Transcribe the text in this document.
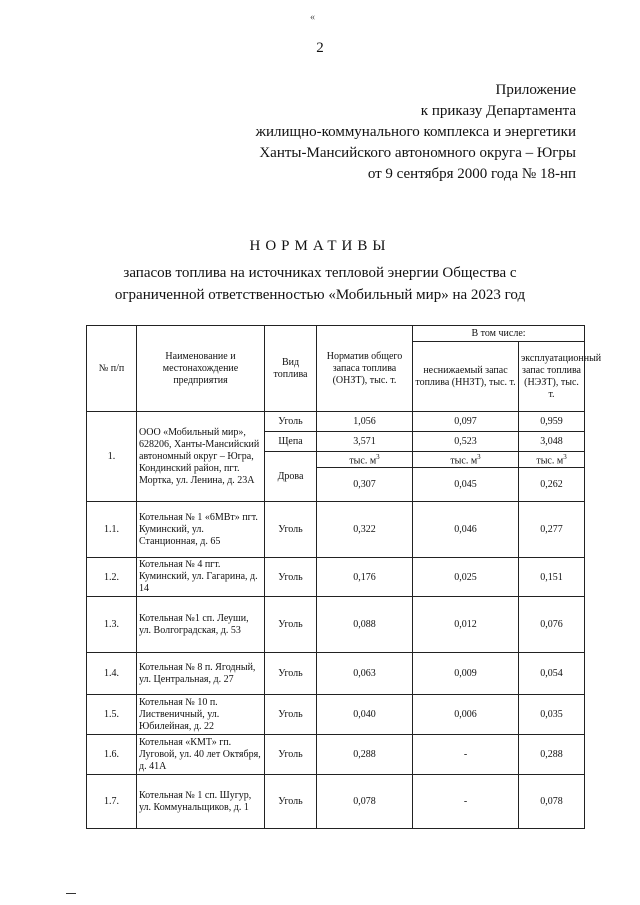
«
2
Приложение
к приказу Департамента
жилищно-коммунального комплекса и энергетики
Ханты-Мансийского автономного округа – Югры
от 9 сентября 2000 года № 18-нп
НОРМАТИВЫ
запасов топлива на источниках тепловой энергии Общества с
ограниченной ответственностью «Мобильный мир» на 2023 год
№ п/п	Наименование и местонахождение предприятия	Вид топлива	Норматив общего запаса топлива (ОНЗТ), тыс. т.	В том числе:	
				неснижаемый запас топлива (ННЗТ), тыс. т.	эксплуатационный запас топлива (НЭЗТ), тыс. т.
1.	ООО «Мобильный мир», 628206, Ханты-Мансийский автономный округ – Югра, Кондинский район, пгт. Мортка, ул. Ленина, д. 23А	Уголь	1,056	0,097	0,959
		Щепа	3,571	0,523	3,048
		Дрова	тыс. $м^3$	тыс. $м^3$	тыс. $м^3$
			0,307	0,045	0,262
1.1.	Котельная № 1 «6МВт» пгт. Куминский, ул. Станционная, д. 65	Уголь	0,322	0,046	0,277
1.2.	Котельная № 4 пгт. Куминский, ул. Гагарина, д. 14	Уголь	0,176	0,025	0,151
1.3.	Котельная №1 сп. Леуши, ул. Волгоградская, д. 53	Уголь	0,088	0,012	0,076
1.4.	Котельная № 8 п. Ягодный, ул. Центральная, д. 27	Уголь	0,063	0,009	0,054
1.5.	Котельная № 10 п. Лиственичный, ул. Юбилейная, д. 22	Уголь	0,040	0,006	0,035
1.6.	Котельная «КМТ» гп. Луговой, ул. 40 лет Октября, д. 41А	Уголь	0,288	-	0,288
1.7.	Котельная № 1 сп. Шугур, ул. Коммунальщиков, д. 1	Уголь	0,078	-	0,078
